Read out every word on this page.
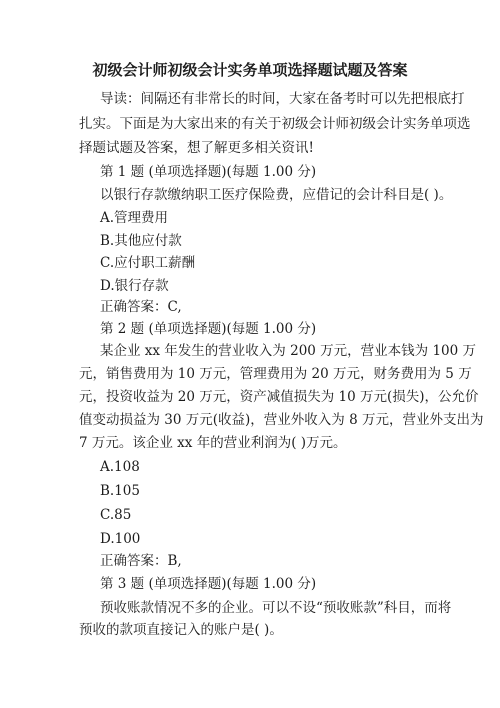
初级会计师初级会计实务单项选择题试题及答案
导读：间隔还有非常长的时间，大家在备考时可以先把根底打
扎实。下面是为大家出来的有关于初级会计师初级会计实务单项选
择题试题及答案，想了解更多相关资讯!
第 1 题 (单项选择题)(每题 1.00 分)
以银行存款缴纳职工医疗保险费，应借记的会计科目是( )。
A.管理费用
B.其他应付款
C.应付职工薪酬
D.银行存款
正确答案：C,
第 2 题 (单项选择题)(每题 1.00 分)
某企业 xx 年发生的营业收入为 200 万元，营业本钱为 100 万
元，销售费用为 10 万元，管理费用为 20 万元，财务费用为 5 万
元，投资收益为 20 万元，资产减值损失为 10 万元(损失)，公允价
值变动损益为 30 万元(收益)，营业外收入为 8 万元，营业外支出为
7 万元。该企业 xx 年的营业利润为( )万元。
A.108
B.105
C.85
D.100
正确答案：B,
第 3 题 (单项选择题)(每题 1.00 分)
预收账款情况不多的企业。可以不设“预收账款”科目，而将
预收的款项直接记入的账户是( )。
